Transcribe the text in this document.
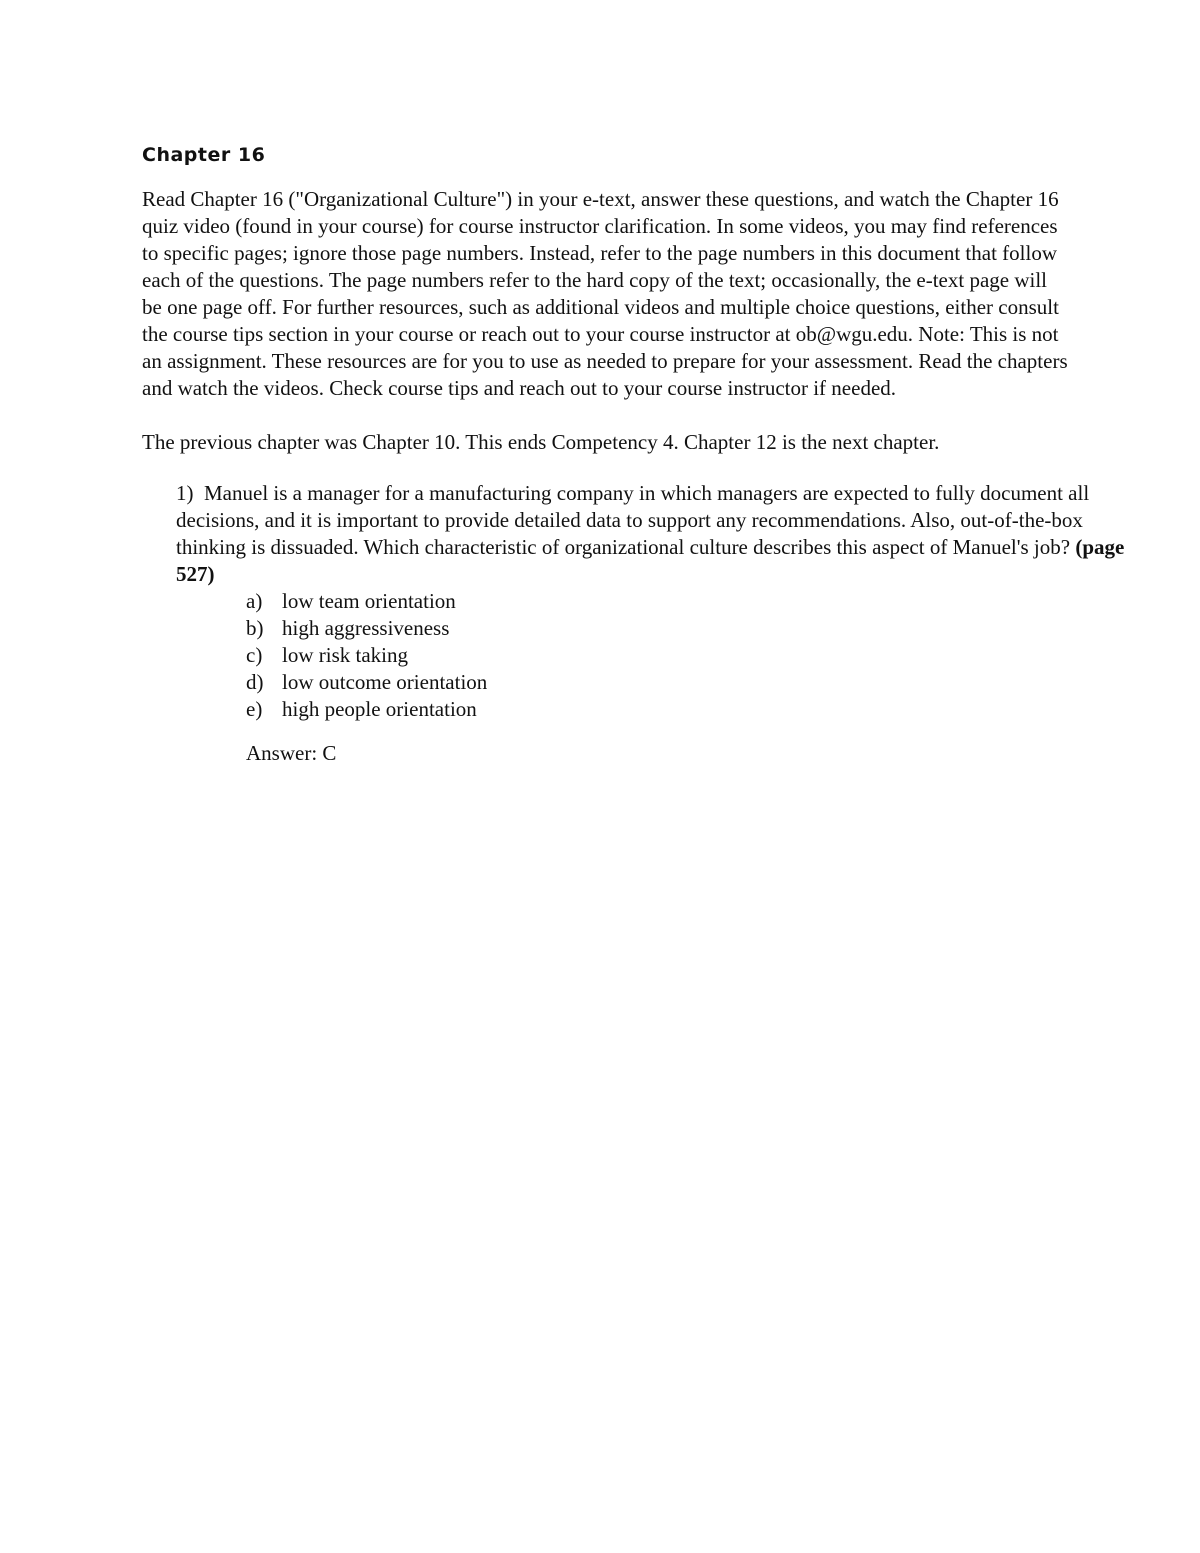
Chapter 16

Read Chapter 16 ("Organizational Culture") in your e-text, answer these questions, and watch the Chapter 16 quiz video (found in your course) for course instructor clarification. In some videos, you may find references to specific pages; ignore those page numbers. Instead, refer to the page numbers in this document that follow each of the questions. The page numbers refer to the hard copy of the text; occasionally, the e-text page will be one page off. For further resources, such as additional videos and multiple choice questions, either consult the course tips section in your course or reach out to your course instructor at ob@wgu.edu. Note: This is not an assignment. These resources are for you to use as needed to prepare for your assessment. Read the chapters and watch the videos. Check course tips and reach out to your course instructor if needed.

The previous chapter was Chapter 10. This ends Competency 4. Chapter 12 is the next chapter.

1) Manuel is a manager for a manufacturing company in which managers are expected to fully document all decisions, and it is important to provide detailed data to support any recommendations. Also, out-of-the-box thinking is dissuaded. Which characteristic of organizational culture describes this aspect of Manuel's job? (page 527)
a) low team orientation
b) high aggressiveness
c) low risk taking
d) low outcome orientation
e) high people orientation
Answer: C
